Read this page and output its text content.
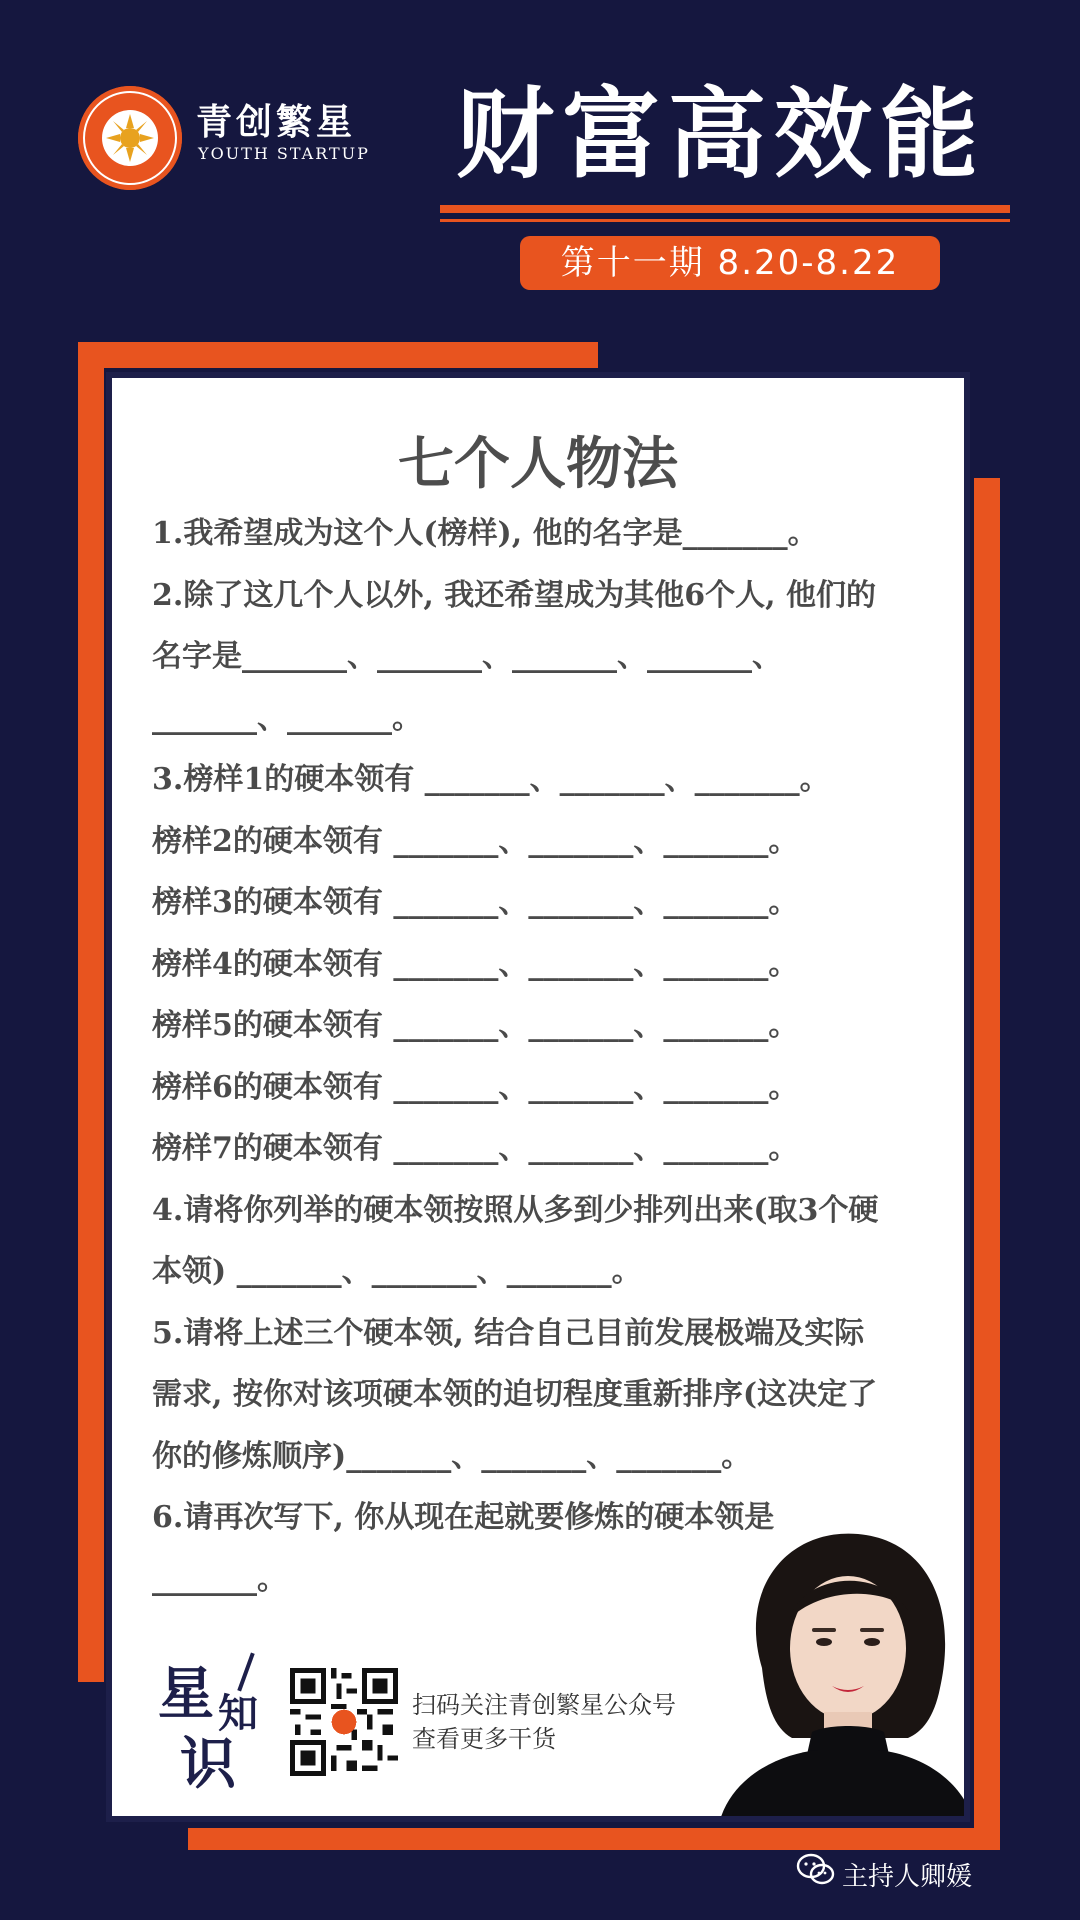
青创繁星
YOUTH STARTUP 财富高效能
第十一期 8.20-8.22
七个人物法
1.我希望成为这个人(榜样), 他的名字是_______。
2.除了这几个人以外, 我还希望成为其他6个人, 他们的
名字是_______、_______、_______、_______、
_______、_______。
3.榜样1的硬本领有 _______、_______、_______。
榜样2的硬本领有 _______、_______、_______。
榜样3的硬本领有 _______、_______、_______。
榜样4的硬本领有 _______、_______、_______。
榜样5的硬本领有 _______、_______、_______。
榜样6的硬本领有 _______、_______、_______。
榜样7的硬本领有 _______、_______、_______。
4.请将你列举的硬本领按照从多到少排列出来(取3个硬
本领) _______、_______、_______。
5.请将上述三个硬本领, 结合自己目前发展极端及实际
需求, 按你对该项硬本领的迫切程度重新排序(这决定了
你的修炼顺序)_______、_______、_______。
6.请再次写下, 你从现在起就要修炼的硬本领是
_______。
星 知
识
扫码关注青创繁星公众号
查看更多干货
主持人卿媛
